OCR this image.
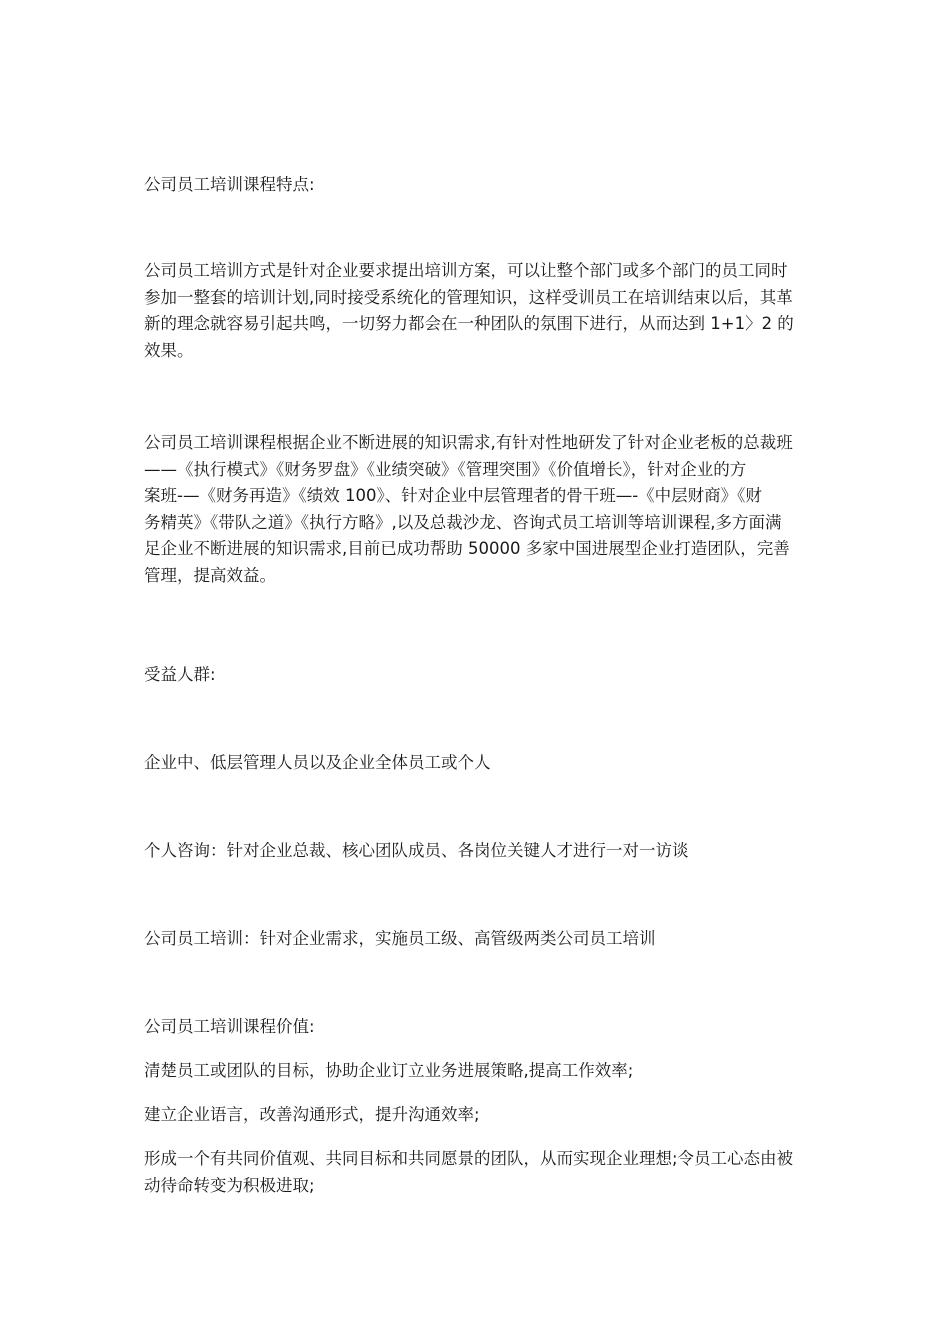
公司员工培训课程特点:

公司员工培训方式是针对企业要求提出培训方案，可以让整个部门或多个部门的员工同时
参加一整套的培训计划,同时接受系统化的管理知识，这样受训员工在培训结束以后，其革
新的理念就容易引起共鸣，一切努力都会在一种团队的氛围下进行，从而达到 1+1〉2 的
效果。
公司员工培训课程根据企业不断进展的知识需求,有针对性地研发了针对企业老板的总裁班
——《执行模式》《财务罗盘》《业绩突破》《管理突围》《价值增长》，针对企业的方
案班-—《财务再造》《绩效 100》、针对企业中层管理者的骨干班—-《中层财商》《财
务精英》《带队之道》《执行方略》,以及总裁沙龙、咨询式员工培训等培训课程,多方面满
足企业不断进展的知识需求,目前已成功帮助 50000 多家中国进展型企业打造团队，完善
管理，提高效益。

受益人群:

企业中、低层管理人员以及企业全体员工或个人

个人咨询：针对企业总裁、核心团队成员、各岗位关键人才进行一对一访谈

公司员工培训：针对企业需求，实施员工级、高管级两类公司员工培训

公司员工培训课程价值:

清楚员工或团队的目标，协助企业订立业务进展策略,提高工作效率;

建立企业语言，改善沟通形式，提升沟通效率;

形成一个有共同价值观、共同目标和共同愿景的团队，从而实现企业理想;令员工心态由被
动待命转变为积极进取;
